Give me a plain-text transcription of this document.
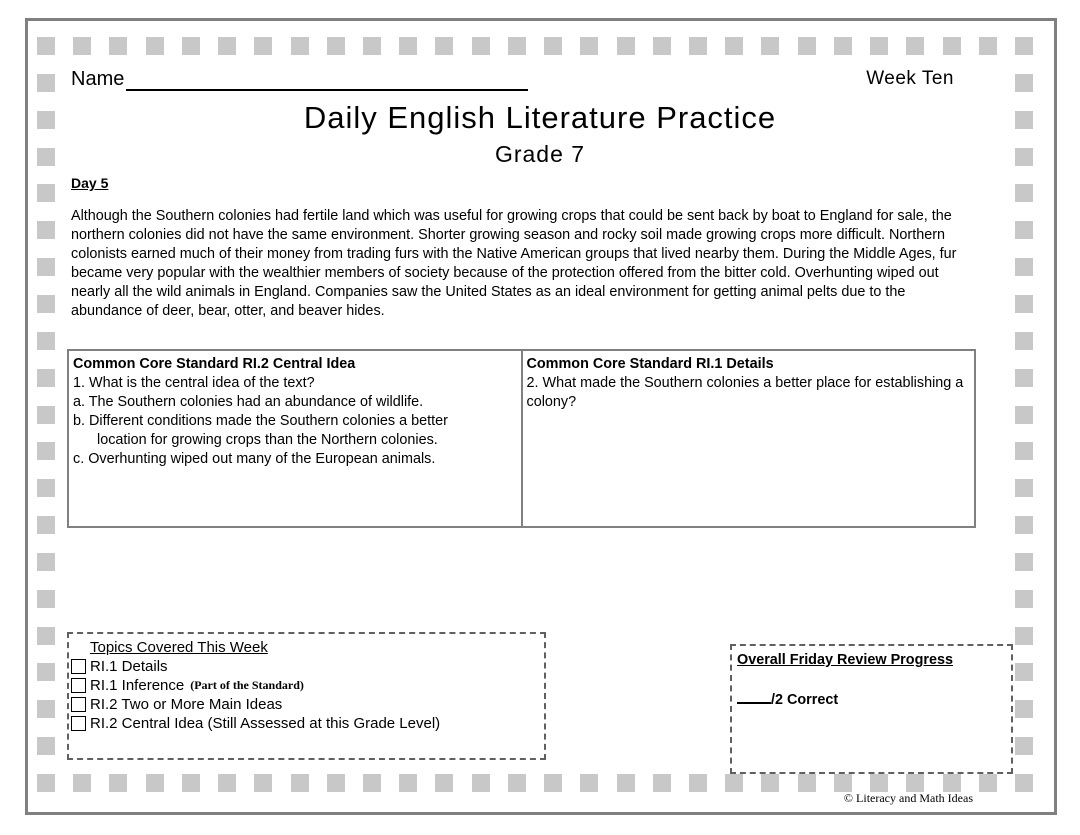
Name	Week Ten
Daily English Literature Practice
Grade 7
Day 5

Although the Southern colonies had fertile land which was useful for growing crops that could be sent back by boat to England for sale, the northern colonies did not have the same environment. Shorter growing season and rocky soil made growing crops more difficult. Northern colonists earned much of their money from trading furs with the Native American groups that lived nearby them. During the Middle Ages, fur became very popular with the wealthier members of society because of the protection offered from the bitter cold. Overhunting wiped out nearly all the wild animals in England. Companies saw the United States as an ideal environment for getting animal pelts due to the abundance of deer, bear, otter, and beaver hides.

Common Core Standard RI.2 Central Idea

1. What is the central idea of the text?

a. The Southern colonies had an abundance of wildlife.

b. Different conditions made the Southern colonies a better

location for growing crops than the Northern colonies.

c. Overhunting wiped out many of the European animals.

Common Core Standard RI.1 Details

2. What made the Southern colonies a better place for establishing a colony?

Topics Covered This Week
RI.1 Details
RI.1 Inference (Part of the Standard)
RI.2 Two or More Main Ideas
RI.2 Central Idea (Still Assessed at this Grade Level)
Overall Friday Review Progress
/2 Correct
© Literacy and Math Ideas
